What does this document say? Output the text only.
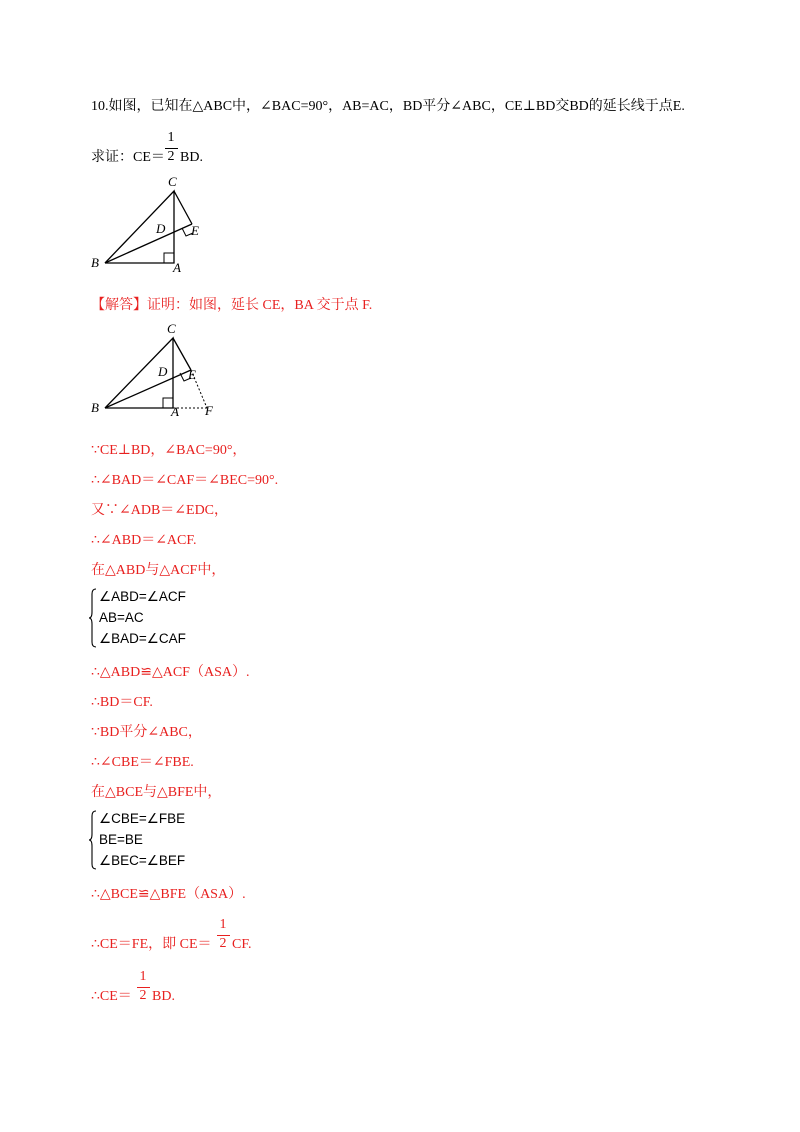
10.如图，已知在△ABC中，∠BAC=90°，AB=AC，BD平分∠ABC，CE⊥BD交BD的延长线于点E.
求证：CE＝
1
2 BD.
C
D E
B	A
【解答】证明：如图，延长 CE，BA 交于点 F.
C
D E
B	A F
∵CE⊥BD，∠BAC=90°，
∴∠BAD＝∠CAF＝∠BEC=90°.
又∵∠ADB＝∠EDC，
∴∠ABD＝∠ACF.
在△ABD与△ACF中，
∠ABD=∠ACF
AB=AC
∠BAD=∠CAF
∴△ABD≌△ACF（ASA）.
∴BD＝CF.
∵BD平分∠ABC，
∴∠CBE＝∠FBE.
在△BCE与△BFE中，
∠CBE=∠FBE
BE=BE
∠BEC=∠BEF
∴△BCE≌△BFE（ASA）.
∴CE＝FE，即 CE＝
1
2 CF.
∴CE＝
1
2 BD.
